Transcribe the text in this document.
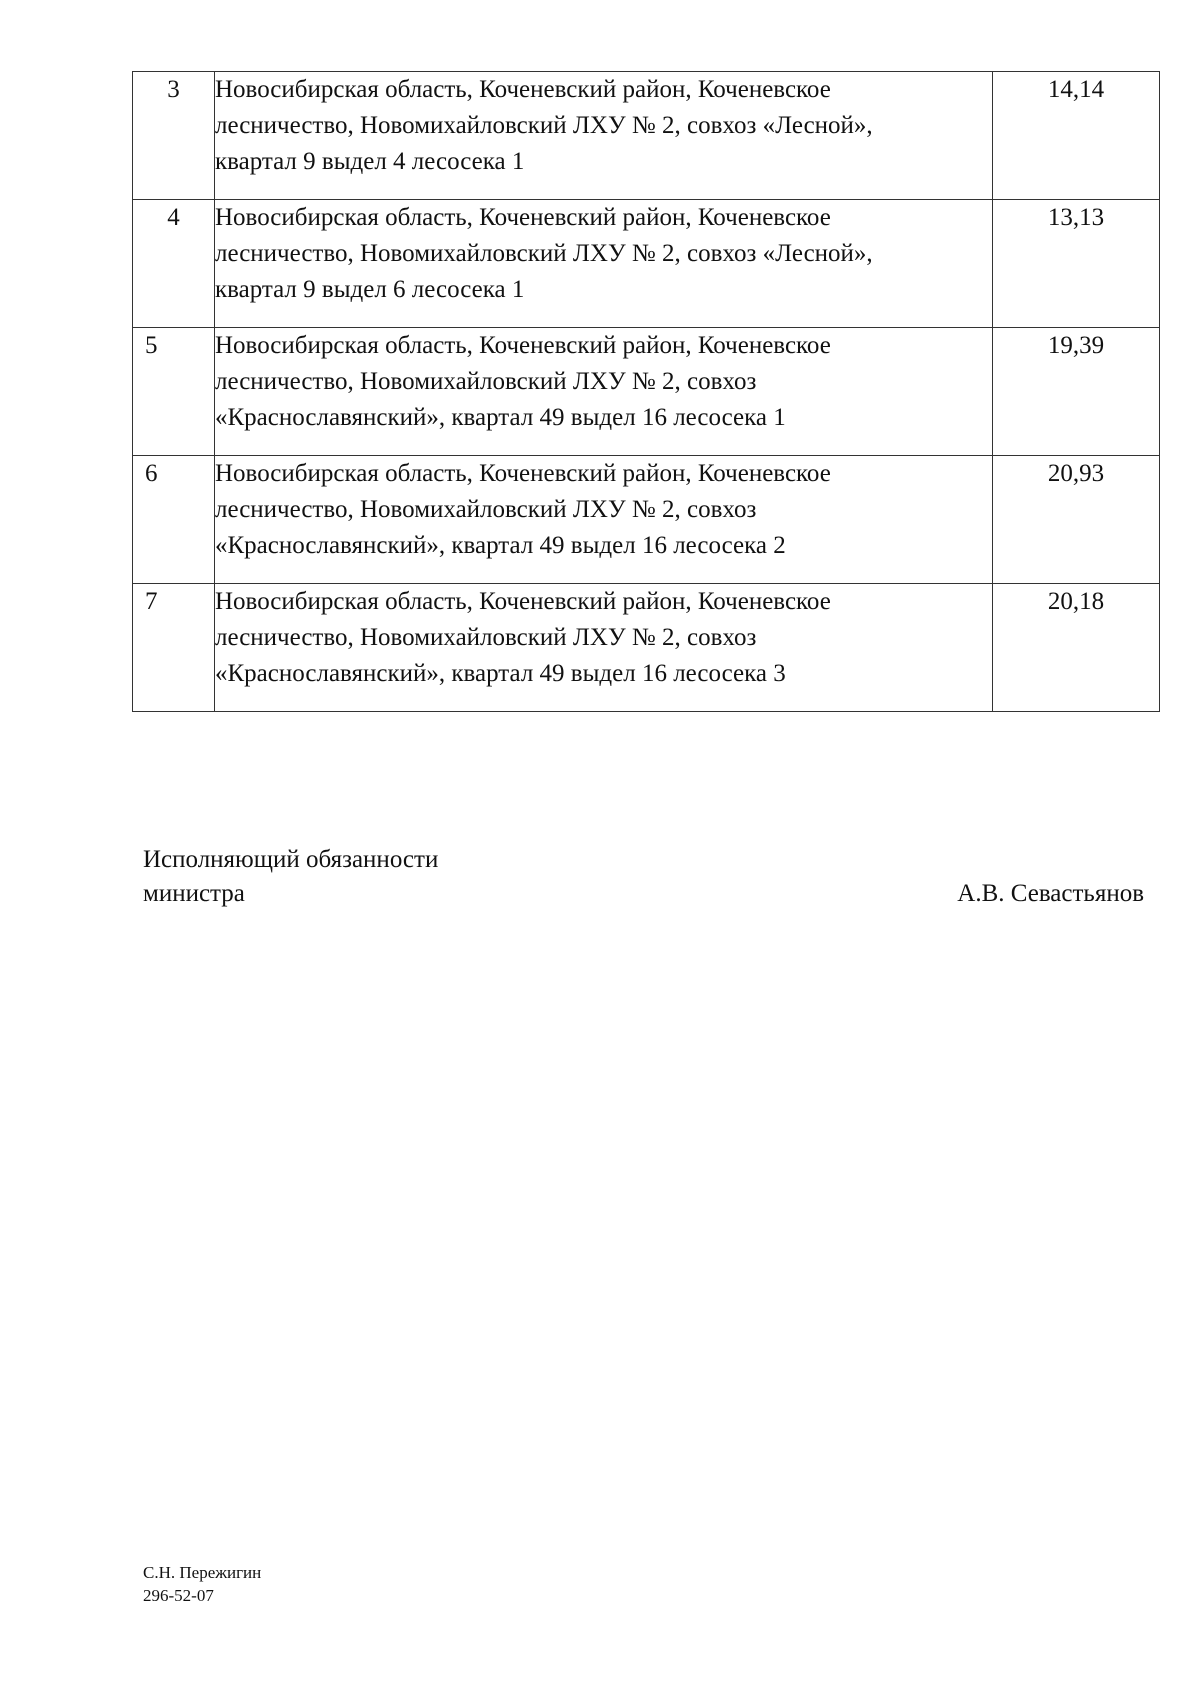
3	Новосибирская область, Коченевский район, Коченевское
лесничество, Новомихайловский ЛХУ № 2, совхоз «Лесной»,
квартал 9 выдел 4 лесосека 1	14,14
4	Новосибирская область, Коченевский район, Коченевское
лесничество, Новомихайловский ЛХУ № 2, совхоз «Лесной»,
квартал 9 выдел 6 лесосека 1	13,13
5	Новосибирская область, Коченевский район, Коченевское
лесничество, Новомихайловский ЛХУ № 2, совхоз
«Краснославянский», квартал 49 выдел 16 лесосека 1	19,39
6	Новосибирская область, Коченевский район, Коченевское
лесничество, Новомихайловский ЛХУ № 2, совхоз
«Краснославянский», квартал 49 выдел 16 лесосека 2	20,93
7	Новосибирская область, Коченевский район, Коченевское
лесничество, Новомихайловский ЛХУ № 2, совхоз
«Краснославянский», квартал 49 выдел 16 лесосека 3	20,18
Исполняющий обязанности
министра	А.В. Севастьянов
С.Н. Пережигин
296-52-07
